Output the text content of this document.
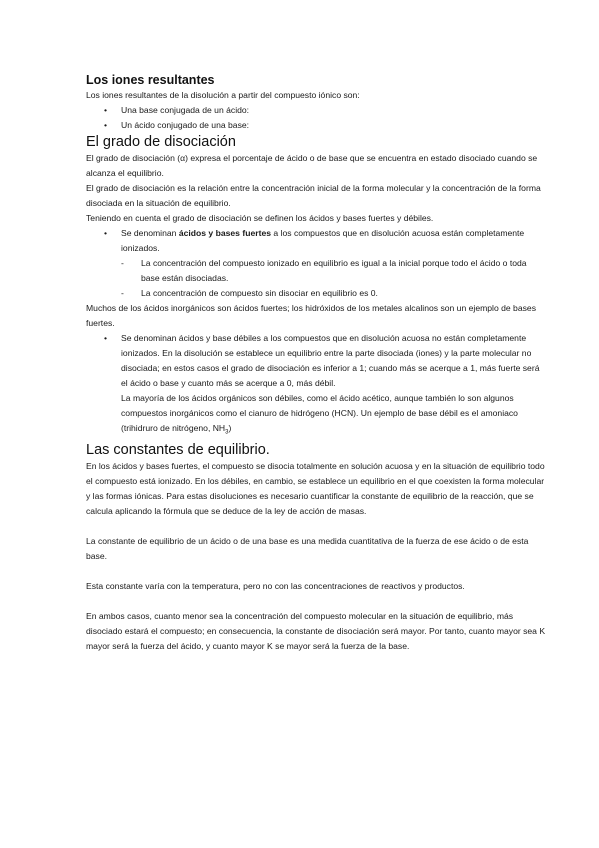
Los iones resultantes

Los iones resultantes de la disolución a partir del compuesto iónico son:

• Una base conjugada de un ácido:
• Un ácido conjugado de una base:
El grado de disociación

El grado de disociación (α) expresa el porcentaje de ácido o de base que se encuentra en estado disociado cuando se alcanza el equilibrio.

El grado de disociación es la relación entre la concentración inicial de la forma molecular y la concentración de la forma disociada en la situación de equilibrio.

Teniendo en cuenta el grado de disociación se definen los ácidos y bases fuertes y débiles.

• Se denominan ácidos y bases fuertes a los compuestos que en disolución acuosa están completamente ionizados.
- La concentración del compuesto ionizado en equilibrio es igual a la inicial porque todo el ácido o toda base están disociadas.
- La concentración de compuesto sin disociar en equilibrio es 0.

Muchos de los ácidos inorgánicos son ácidos fuertes; los hidróxidos de los metales alcalinos son un ejemplo de bases fuertes.

• Se denominan ácidos y base débiles a los compuestos que en disolución acuosa no están completamente ionizados. En la disolución se establece un equilibrio entre la parte disociada (iones) y la parte molecular no disociada; en estos casos el grado de disociación es inferior a 1; cuando más se acerque a 1, más fuerte será el ácido o base y cuanto más se acerque a 0, más débil.
La mayoría de los ácidos orgánicos son débiles, como el ácido acético, aunque también lo son algunos compuestos inorgánicos como el cianuro de hidrógeno (HCN). Un ejemplo de base débil es el amoniaco (trihidruro de nitrógeno, $NH_3$)
Las constantes de equilibrio.

En los ácidos y bases fuertes, el compuesto se disocia totalmente en solución acuosa y en la situación de equilibrio todo el compuesto está ionizado. En los débiles, en cambio, se establece un equilibrio en el que coexisten la forma molecular y las formas iónicas. Para estas disoluciones es necesario cuantificar la constante de equilibrio de la reacción, que se calcula aplicando la fórmula que se deduce de la ley de acción de masas.

La constante de equilibrio de un ácido o de una base es una medida cuantitativa de la fuerza de ese ácido o de esta base.

Esta constante varía con la temperatura, pero no con las concentraciones de reactivos y productos.

En ambos casos, cuanto menor sea la concentración del compuesto molecular en la situación de equilibrio, más disociado estará el compuesto; en consecuencia, la constante de disociación será mayor. Por tanto, cuanto mayor sea K mayor será la fuerza del ácido, y cuanto mayor K se mayor será la fuerza de la base.
